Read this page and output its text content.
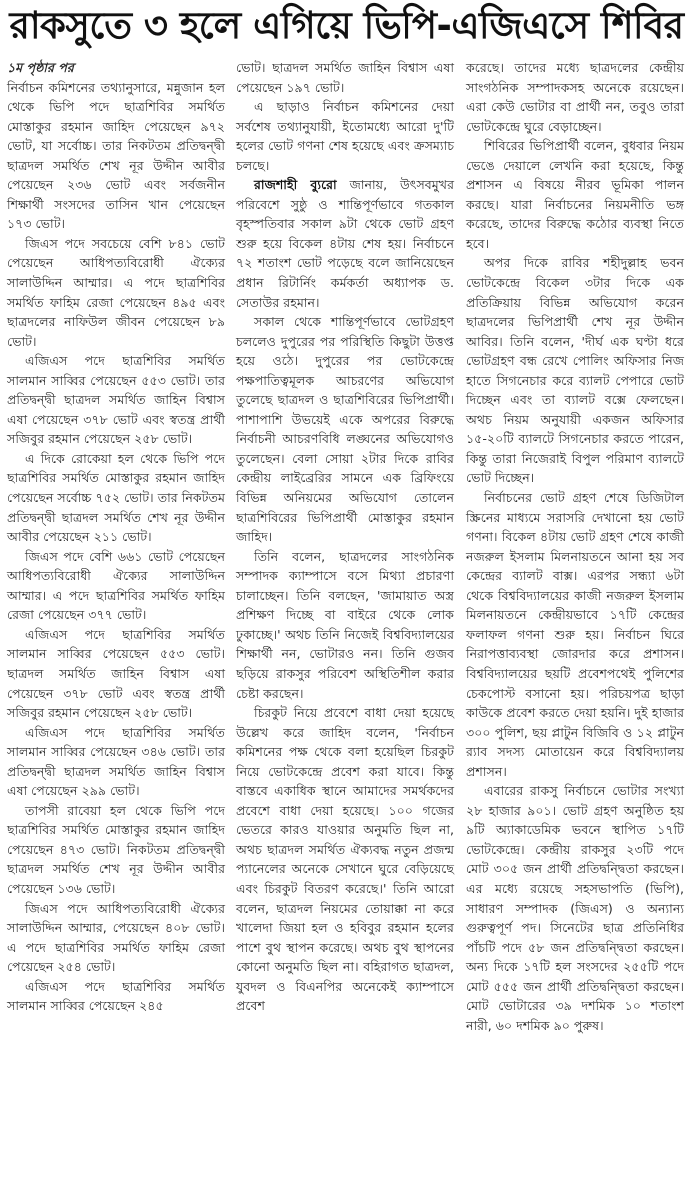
রাকসুতে ৩ হলে এগিয়ে ভিপি-এজিএসে শিবির
১ম পৃষ্ঠার পর

নির্বাচন কমিশনের তথ্যানুসারে, মন্নুজান হল থেকে ভিপি পদে ছাত্রশিবির সমর্থিত মোস্তাকুর রহমান জাহিদ পেয়েছেন ৯৭২ ভোট, যা সর্বোচ্চ। তার নিকটতম প্রতিদ্বন্দ্বী ছাত্রদল সমর্থিত শেখ নূর উদ্দীন আবীর পেয়েছেন ২৩৬ ভোট এবং সর্বজনীন শিক্ষার্থী সংসদের তাসিন খান পেয়েছেন ১৭৩ ভোট।

জিএস পদে সবচেয়ে বেশি ৮৪১ ভোট পেয়েছেন আধিপত্যবিরোধী ঐক্যের সালাউদ্দিন আম্মার। এ পদে ছাত্রশিবির সমর্থিত ফাহিম রেজা পেয়েছেন ৪৯৫ এবং ছাত্রদলের নাফিউল জীবন পেয়েছেন ৮৯ ভোট।

এজিএস পদে ছাত্রশিবির সমর্থিত সালমান সাব্বির পেয়েছেন ৫৫৩ ভোট। তার প্রতিদ্বন্দ্বী ছাত্রদল সমর্থিত জাহিন বিশ্বাস এষা পেয়েছেন ৩৭৮ ভোট এবং স্বতন্ত্র প্রার্থী সজিবুর রহমান পেয়েছেন ২৫৮ ভোট।

এ দিকে রোকেয়া হল থেকে ভিপি পদে ছাত্রশিবির সমর্থিত মোস্তাকুর রহমান জাহিদ পেয়েছেন সর্বোচ্চ ৭৫২ ভোট। তার নিকটতম প্রতিদ্বন্দ্বী ছাত্রদল সমর্থিত শেখ নূর উদ্দীন আবীর পেয়েছেন ২১১ ভোট।

জিএস পদে বেশি ৬৬১ ভোট পেয়েছেন আধিপত্যবিরোধী ঐক্যের সালাউদ্দিন আম্মার। এ পদে ছাত্রশিবির সমর্থিত ফাহিম রেজা পেয়েছেন ৩৭৭ ভোট।

এজিএস পদে ছাত্রশিবির সমর্থিত সালমান সাব্বির পেয়েছেন ৫৫৩ ভোট। ছাত্রদল সমর্থিত জাহিন বিশ্বাস এষা পেয়েছেন ৩৭৮ ভোট এবং স্বতন্ত্র প্রার্থী সজিবুর রহমান পেয়েছেন ২৫৮ ভোট।

এজিএস পদে ছাত্রশিবির সমর্থিত সালমান সাব্বির পেয়েছেন ৩৪৬ ভোট। তার প্রতিদ্বন্দ্বী ছাত্রদল সমর্থিত জাহিন বিশ্বাস এষা পেয়েছেন ২৯৯ ভোট।

তাপসী রাবেয়া হল থেকে ভিপি পদে ছাত্রশিবির সমর্থিত মোস্তাকুর রহমান জাহিদ পেয়েছেন ৪৭৩ ভোট। নিকটতম প্রতিদ্বন্দ্বী ছাত্রদল সমর্থিত শেখ নূর উদ্দীন আবীর পেয়েছেন ১৩৬ ভোট।

জিএস পদে আধিপত্যবিরোধী ঐক্যের সালাউদ্দিন আম্মার, পেয়েছেন ৪০৮ ভোট। এ পদে ছাত্রশিবির সমর্থিত ফাহিম রেজা পেয়েছেন ২৫৪ ভোট।

এজিএস পদে ছাত্রশিবির সমর্থিত সালমান সাব্বির পেয়েছেন ২৪৫

ভোট। ছাত্রদল সমর্থিত জাহিন বিশ্বাস এষা পেয়েছেন ১৯৭ ভোট।

এ ছাড়াও নির্বাচন কমিশনের দেয়া সর্বশেষ তথ্যানুযায়ী, ইতোমধ্যে আরো দু'টি হলের ভোট গণনা শেষ হয়েছে এবং ক্রসম্যাচ চলছে।

রাজশাহী ব্যুরো জানায়, উৎসবমুখর পরিবেশে সুষ্ঠু ও শান্তিপূর্ণভাবে গতকাল বৃহস্পতিবার সকাল ৯টা থেকে ভোট গ্রহণ শুরু হয়ে বিকেল ৪টায় শেষ হয়। নির্বাচনে ৭২ শতাংশ ভোট পড়েছে বলে জানিয়েছেন প্রধান রিটার্নিং কর্মকর্তা অধ্যাপক ড. সেতাউর রহমান।

সকাল থেকে শান্তিপূর্ণভাবে ভোটগ্রহণ চললেও দুপুরের পর পরিস্থিতি কিছুটা উত্তপ্ত হয়ে ওঠে। দুপুরের পর ভোটকেন্দ্রে পক্ষপাতিত্বমূলক আচরণের অভিযোগ তুলেছে ছাত্রদল ও ছাত্রশিবিরের ভিপিপ্রার্থী। পাশাপাশি উভয়েই একে অপরের বিরুদ্ধে নির্বাচনী আচরণবিধি লঙ্ঘনের অভিযোগও তুলেছেন। বেলা সোয়া ২টার দিকে রাবির কেন্দ্রীয় লাইব্রেরির সামনে এক ব্রিফিংয়ে বিভিন্ন অনিয়মের অভিযোগ তোলেন ছাত্রশিবিরের ভিপিপ্রার্থী মোস্তাকুর রহমান জাহিদ।

তিনি বলেন, ছাত্রদলের সাংগঠনিক সম্পাদক ক্যাম্পাসে বসে মিথ্যা প্রচারণা চালাচ্ছেন। তিনি বলছেন, 'জামায়াত অস্ত্র প্রশিক্ষণ দিচ্ছে বা বাইরে থেকে লোক ঢুকাচ্ছে।' অথচ তিনি নিজেই বিশ্ববিদ্যালয়ের শিক্ষার্থী নন, ভোটারও নন। তিনি গুজব ছড়িয়ে রাকসুর পরিবেশ অস্থিতিশীল করার চেষ্টা করছেন।

চিরকুট নিয়ে প্রবেশে বাধা দেয়া হয়েছে উল্লেখ করে জাহিদ বলেন, 'নির্বাচন কমিশনের পক্ষ থেকে বলা হয়েছিল চিরকুট নিয়ে ভোটকেন্দ্রে প্রবেশ করা যাবে। কিন্তু বাস্তবে একাধিক স্থানে আমাদের সমর্থকদের প্রবেশে বাধা দেয়া হয়েছে। ১০০ গজের ভেতরে কারও যাওয়ার অনুমতি ছিল না, অথচ ছাত্রদল সমর্থিত ঐক্যবদ্ধ নতুন প্রজন্ম প্যানেলের অনেকে সেখানে ঘুরে বেড়িয়েছে এবং চিরকুট বিতরণ করেছে।' তিনি আরো বলেন, ছাত্রদল নিয়মের তোয়াক্কা না করে খালেদা জিয়া হল ও হবিবুর রহমান হলের পাশে বুথ স্থাপন করেছে। অথচ বুথ স্থাপনের কোনো অনুমতি ছিল না। বহিরাগত ছাত্রদল, যুবদল ও বিএনপির অনেকেই ক্যাম্পাসে প্রবেশ

করেছে। তাদের মধ্যে ছাত্রদলের কেন্দ্রীয় সাংগঠনিক সম্পাদকসহ অনেকে রয়েছেন। এরা কেউ ভোটার বা প্রার্থী নন, তবুও তারা ভোটকেন্দ্রে ঘুরে বেড়াচ্ছেন।

শিবিরের ভিপিপ্রার্থী বলেন, বুধবার নিয়ম ভেঙে দেয়ালে লেখনি করা হয়েছে, কিন্তু প্রশাসন এ বিষয়ে নীরব ভূমিকা পালন করছে। যারা নির্বাচনের নিয়মনীতি ভঙ্গ করেছে, তাদের বিরুদ্ধে কঠোর ব্যবস্থা নিতে হবে।

অপর দিকে রাবির শহীদুল্লাহ ভবন ভোটকেন্দ্রে বিকেল ৩টার দিকে এক প্রতিক্রিয়ায় বিভিন্ন অভিযোগ করেন ছাত্রদলের ভিপিপ্রার্থী শেখ নূর উদ্দীন আবির। তিনি বলেন, 'দীর্ঘ এক ঘণ্টা ধরে ভোটগ্রহণ বন্ধ রেখে পোলিং অফিসার নিজ হাতে সিগনেচার করে ব্যালট পেপারে ভোট দিচ্ছেন এবং তা ব্যালট বক্সে ফেলছেন। অথচ নিয়ম অনুযায়ী একজন অফিসার ১৫-২০টি ব্যালটে সিগনেচার করতে পারেন, কিন্তু তারা নিজেরাই বিপুল পরিমাণ ব্যালটে ভোট দিচ্ছেন।

নির্বাচনের ভোট গ্রহণ শেষে ডিজিটাল স্ক্রিনের মাধ্যমে সরাসরি দেখানো হয় ভোট গণনা। বিকেল ৪টায় ভোট গ্রহণ শেষে কাজী নজরুল ইসলাম মিলনায়তনে আনা হয় সব কেন্দ্রের ব্যালট বাক্স। এরপর সন্ধ্যা ৬টা থেকে বিশ্ববিদ্যালয়ের কাজী নজরুল ইসলাম মিলনায়তনে কেন্দ্রীয়ভাবে ১৭টি কেন্দ্রের ফলাফল গণনা শুরু হয়। নির্বাচন ঘিরে নিরাপত্তাব্যবস্থা জোরদার করে প্রশাসন। বিশ্ববিদ্যালয়ের ছয়টি প্রবেশপথেই পুলিশের চেকপোস্ট বসানো হয়। পরিচয়পত্র ছাড়া কাউকে প্রবেশ করতে দেয়া হয়নি। দুই হাজার ৩০০ পুলিশ, ছয় প্লাটুন বিজিবি ও ১২ প্লাটুন র‌্যাব সদস্য মোতায়েন করে বিশ্ববিদ্যালয় প্রশাসন।

এবারের রাকসু নির্বাচনে ভোটার সংখ্যা ২৮ হাজার ৯০১। ভোট গ্রহণ অনুষ্ঠিত হয় ৯টি অ্যাকাডেমিক ভবনে স্থাপিত ১৭টি ভোটকেন্দ্রে। কেন্দ্রীয় রাকসুর ২৩টি পদে মোট ৩০৫ জন প্রার্থী প্রতিদ্বন্দ্বিতা করছেন। এর মধ্যে রয়েছে সহসভাপতি (ভিপি), সাধারণ সম্পাদক (জিএস) ও অন্যান্য গুরুত্বপূর্ণ পদ। সিনেটের ছাত্র প্রতিনিধির পাঁচটি পদে ৫৮ জন প্রতিদ্বন্দ্বিতা করছেন। অন্য দিকে ১৭টি হল সংসদের ২৫৫টি পদে মোট ৫৫৫ জন প্রার্থী প্রতিদ্বন্দ্বিতা করছেন। মোট ভোটারের ৩৯ দশমিক ১০ শতাংশ নারী, ৬০ দশমিক ৯০ পুরুষ।
